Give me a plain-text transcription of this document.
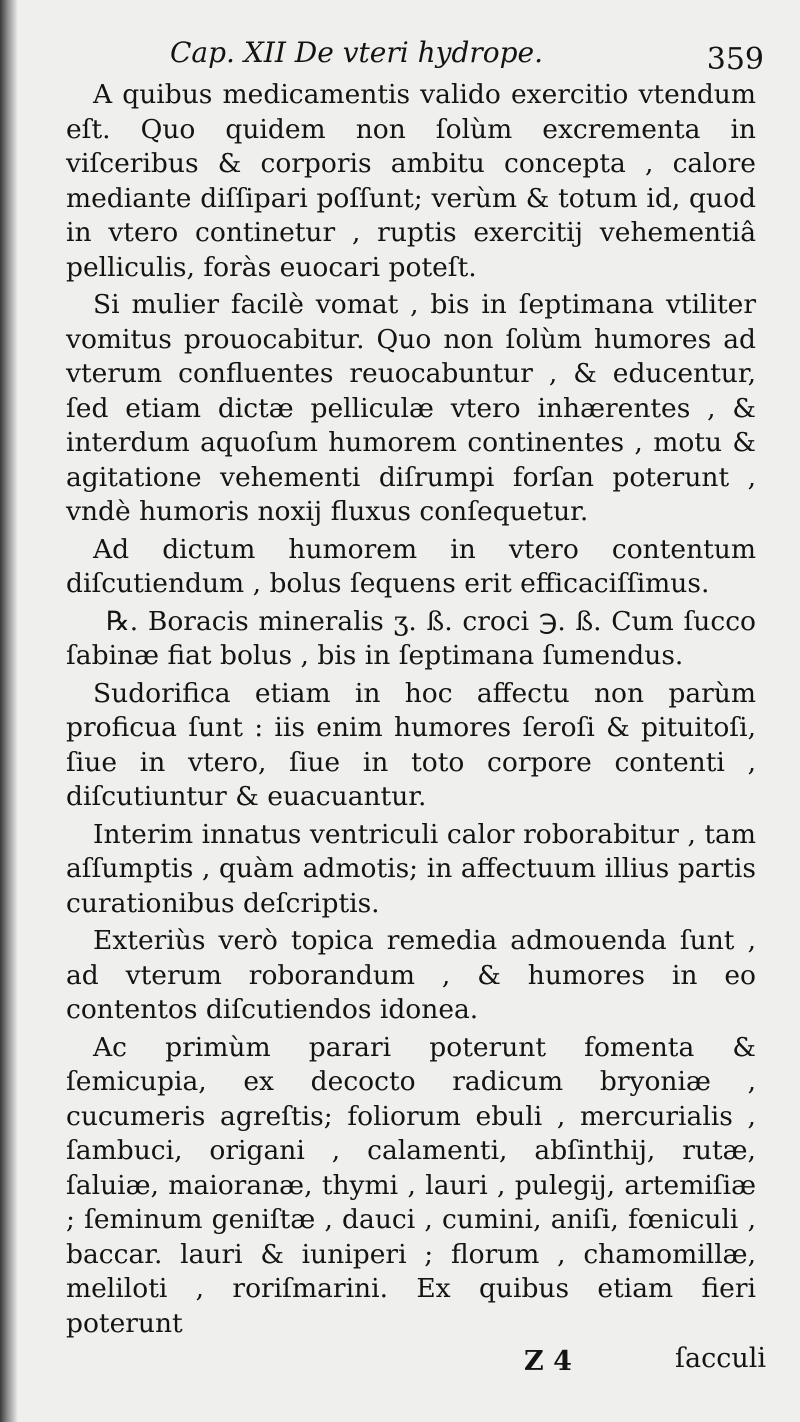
Cap. XII De vteri hydrope.	359

A quibus medicamentis valido exercitio vtendum eſt. Quo quidem non ſolùm excrementa in viſceribus & corporis ambitu concepta , calore mediante diſſipari poſſunt; verùm & totum id, quod in vtero continetur , ruptis exercitij vehementiâ pelliculis, foràs euocari poteſt.

Si mulier facilè vomat , bis in ſeptimana vtiliter vomitus prouocabitur. Quo non ſolùm humores ad vterum confluentes reuocabuntur , & educentur, ſed etiam dictæ pelliculæ vtero inhærentes , & interdum aquoſum humorem continentes , motu & agitatione vehementi diſrumpi forſan poterunt , vndè humoris noxij fluxus conſequetur.

Ad dictum humorem in vtero contentum diſcutiendum , bolus ſequens erit efficaciſſimus.

℞. Boracis mineralis ʒ. ß. croci ℈. ß. Cum ſucco ſabinæ fiat bolus , bis in ſeptimana ſumendus.

Sudorifica etiam in hoc affectu non parùm proficua ſunt : iis enim humores ſeroſi & pituitoſi, ſiue in vtero, ſiue in toto corpore contenti , diſcutiuntur & euacuantur.

Interim innatus ventriculi calor roborabitur , tam aſſumptis , quàm admotis; in affectuum illius partis curationibus deſcriptis.

Exteriùs verò topica remedia admouenda ſunt , ad vterum roborandum , & humores in eo contentos diſcutiendos idonea.

Ac primùm parari poterunt fomenta & ſemicupia, ex decocto radicum bryoniæ , cucumeris agreſtis; foliorum ebuli , mercurialis , ſambuci, origani , calamenti, abſinthij, rutæ, ſaluiæ, maioranæ, thymi , lauri , pulegij, artemiſiæ ; ſeminum geniſtæ , dauci , cumini, aniſi, fœniculi , baccar. lauri & iuniperi ; florum , chamomillæ, meliloti , roriſmarini. Ex quibus etiam fieri poterunt

Z 4	ſacculi
